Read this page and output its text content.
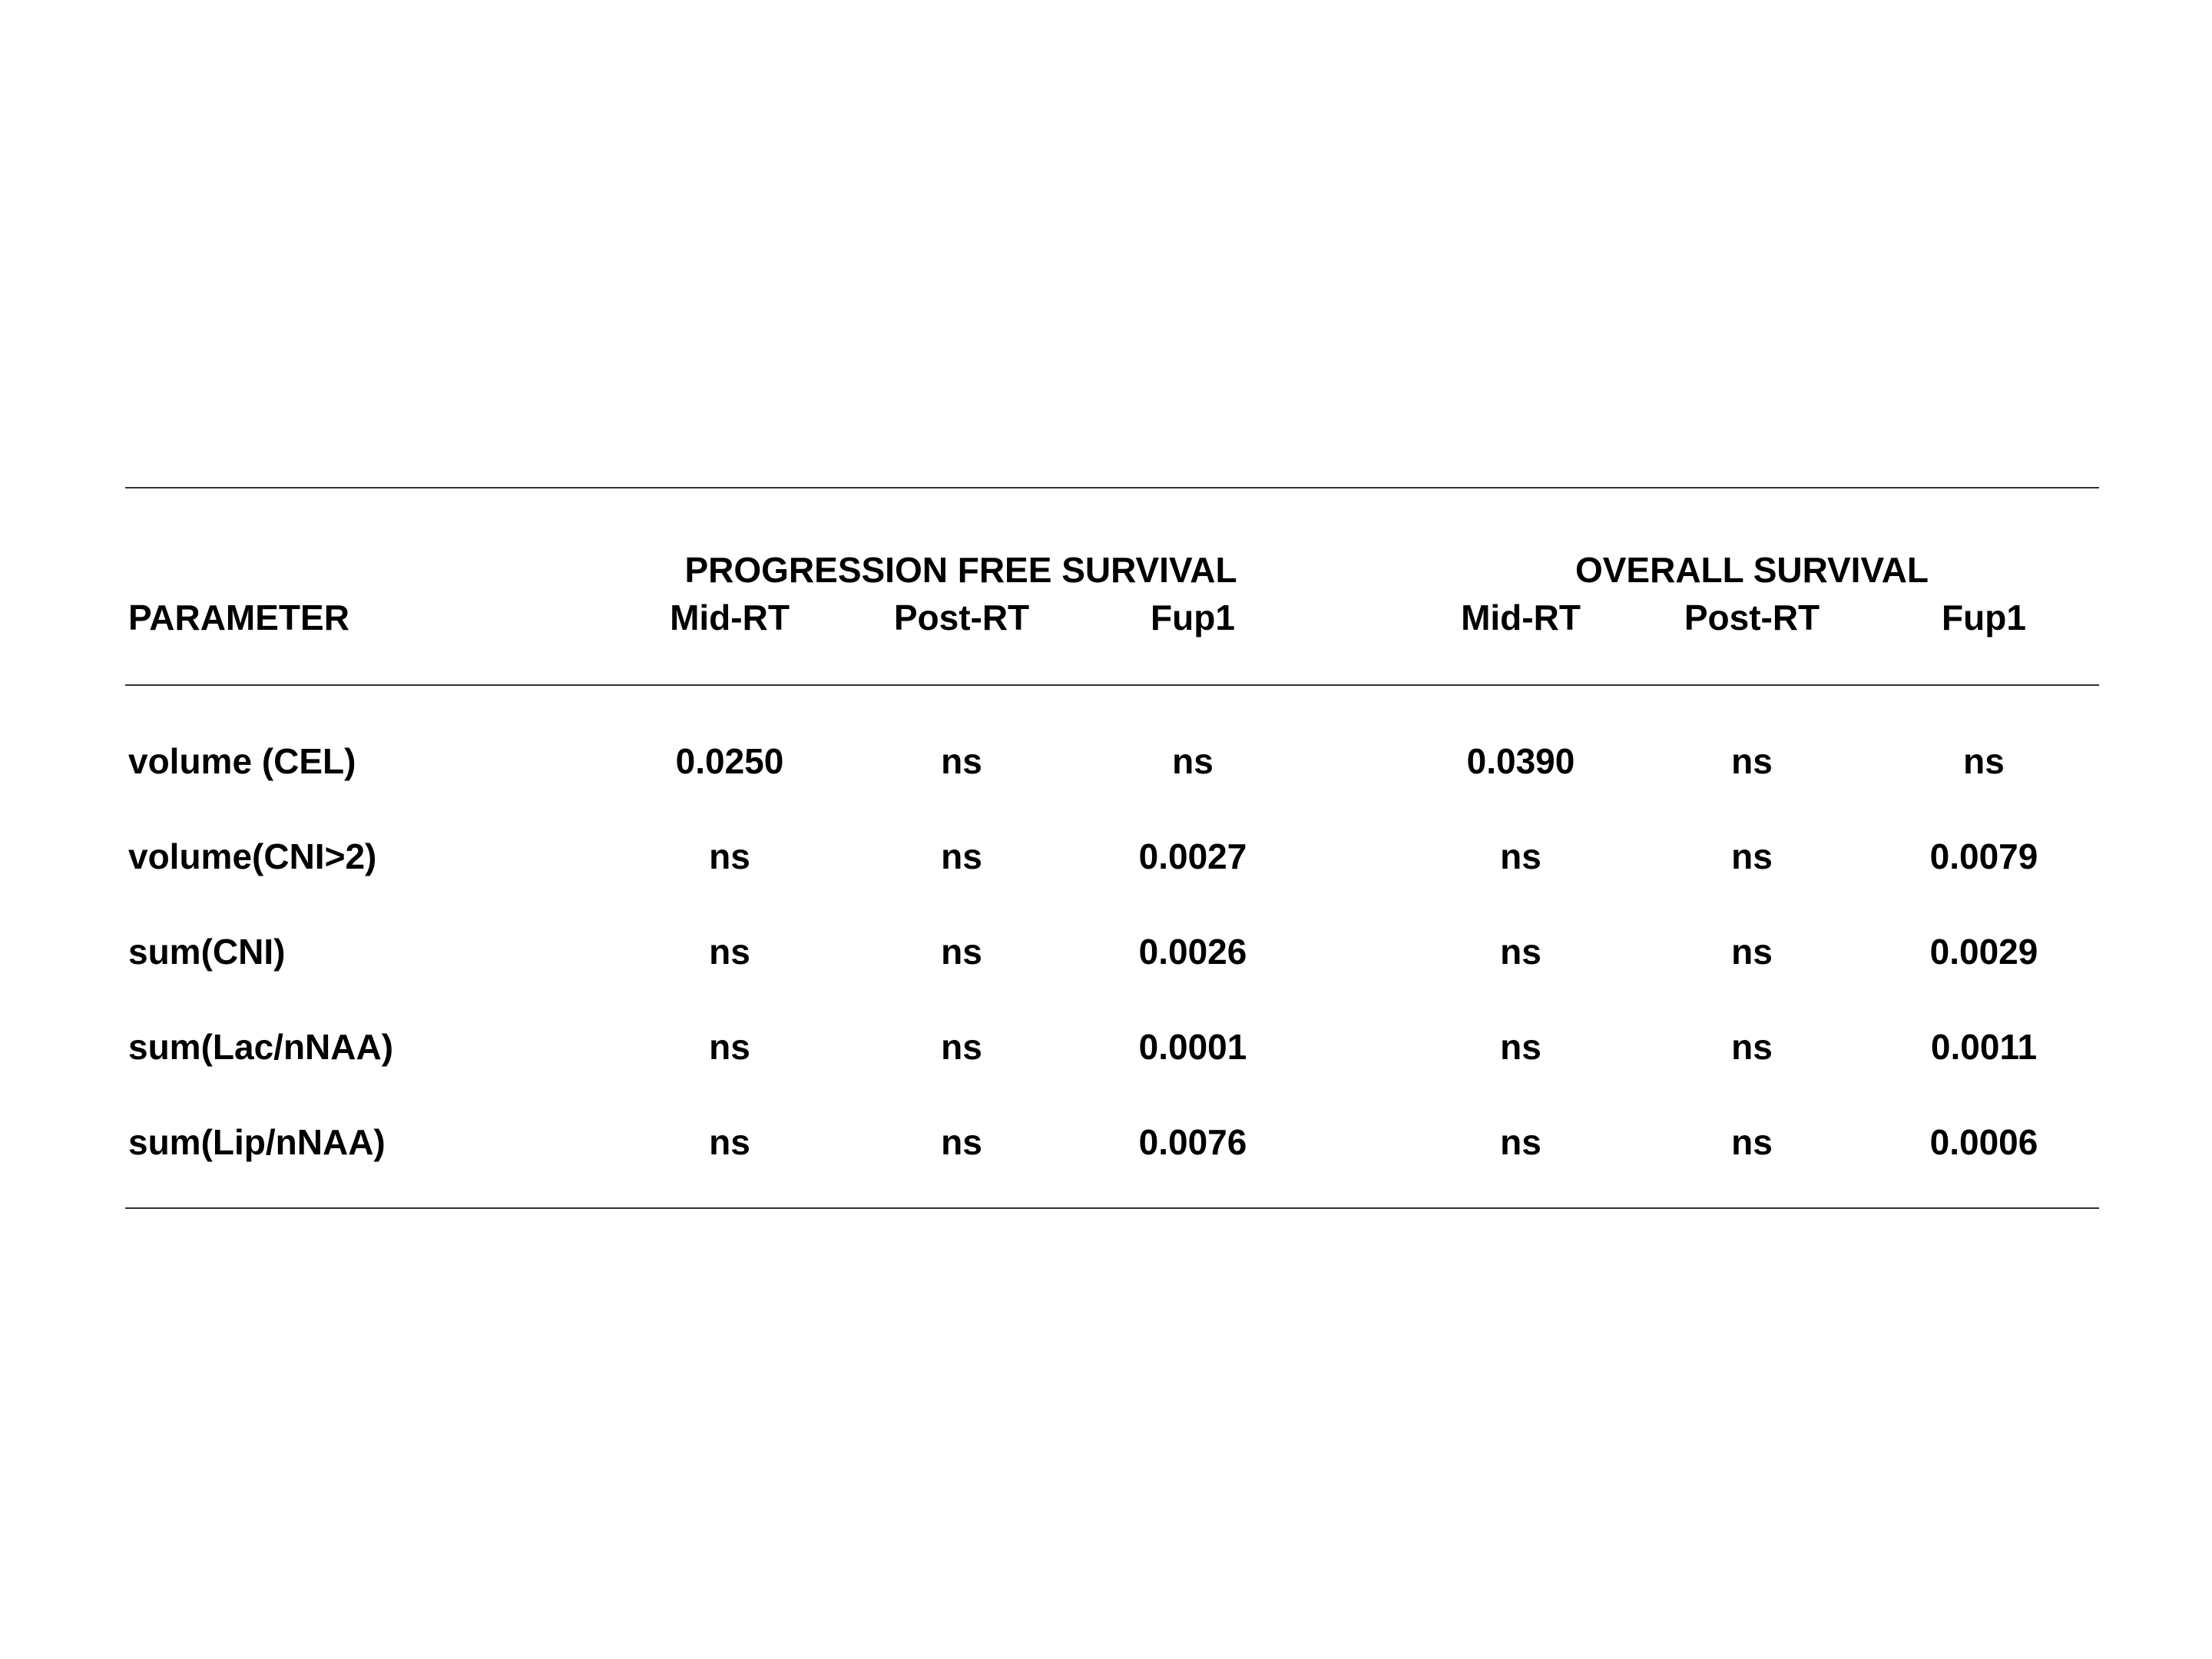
PROGRESSION FREE SURVIVAL	OVERALL SURVIVAL
PARAMETER	Mid-RT	Post-RT	Fup1	Mid-RT	Post-RT	Fup1
volume (CEL)	0.0250	ns	ns	0.0390	ns	ns
volume(CNI>2)	ns	ns	0.0027	ns	ns	0.0079
sum(CNI)	ns	ns	0.0026	ns	ns	0.0029
sum(Lac/nNAA)	ns	ns	0.0001	ns	ns	0.0011
sum(Lip/nNAA)	ns	ns	0.0076	ns	ns	0.0006
